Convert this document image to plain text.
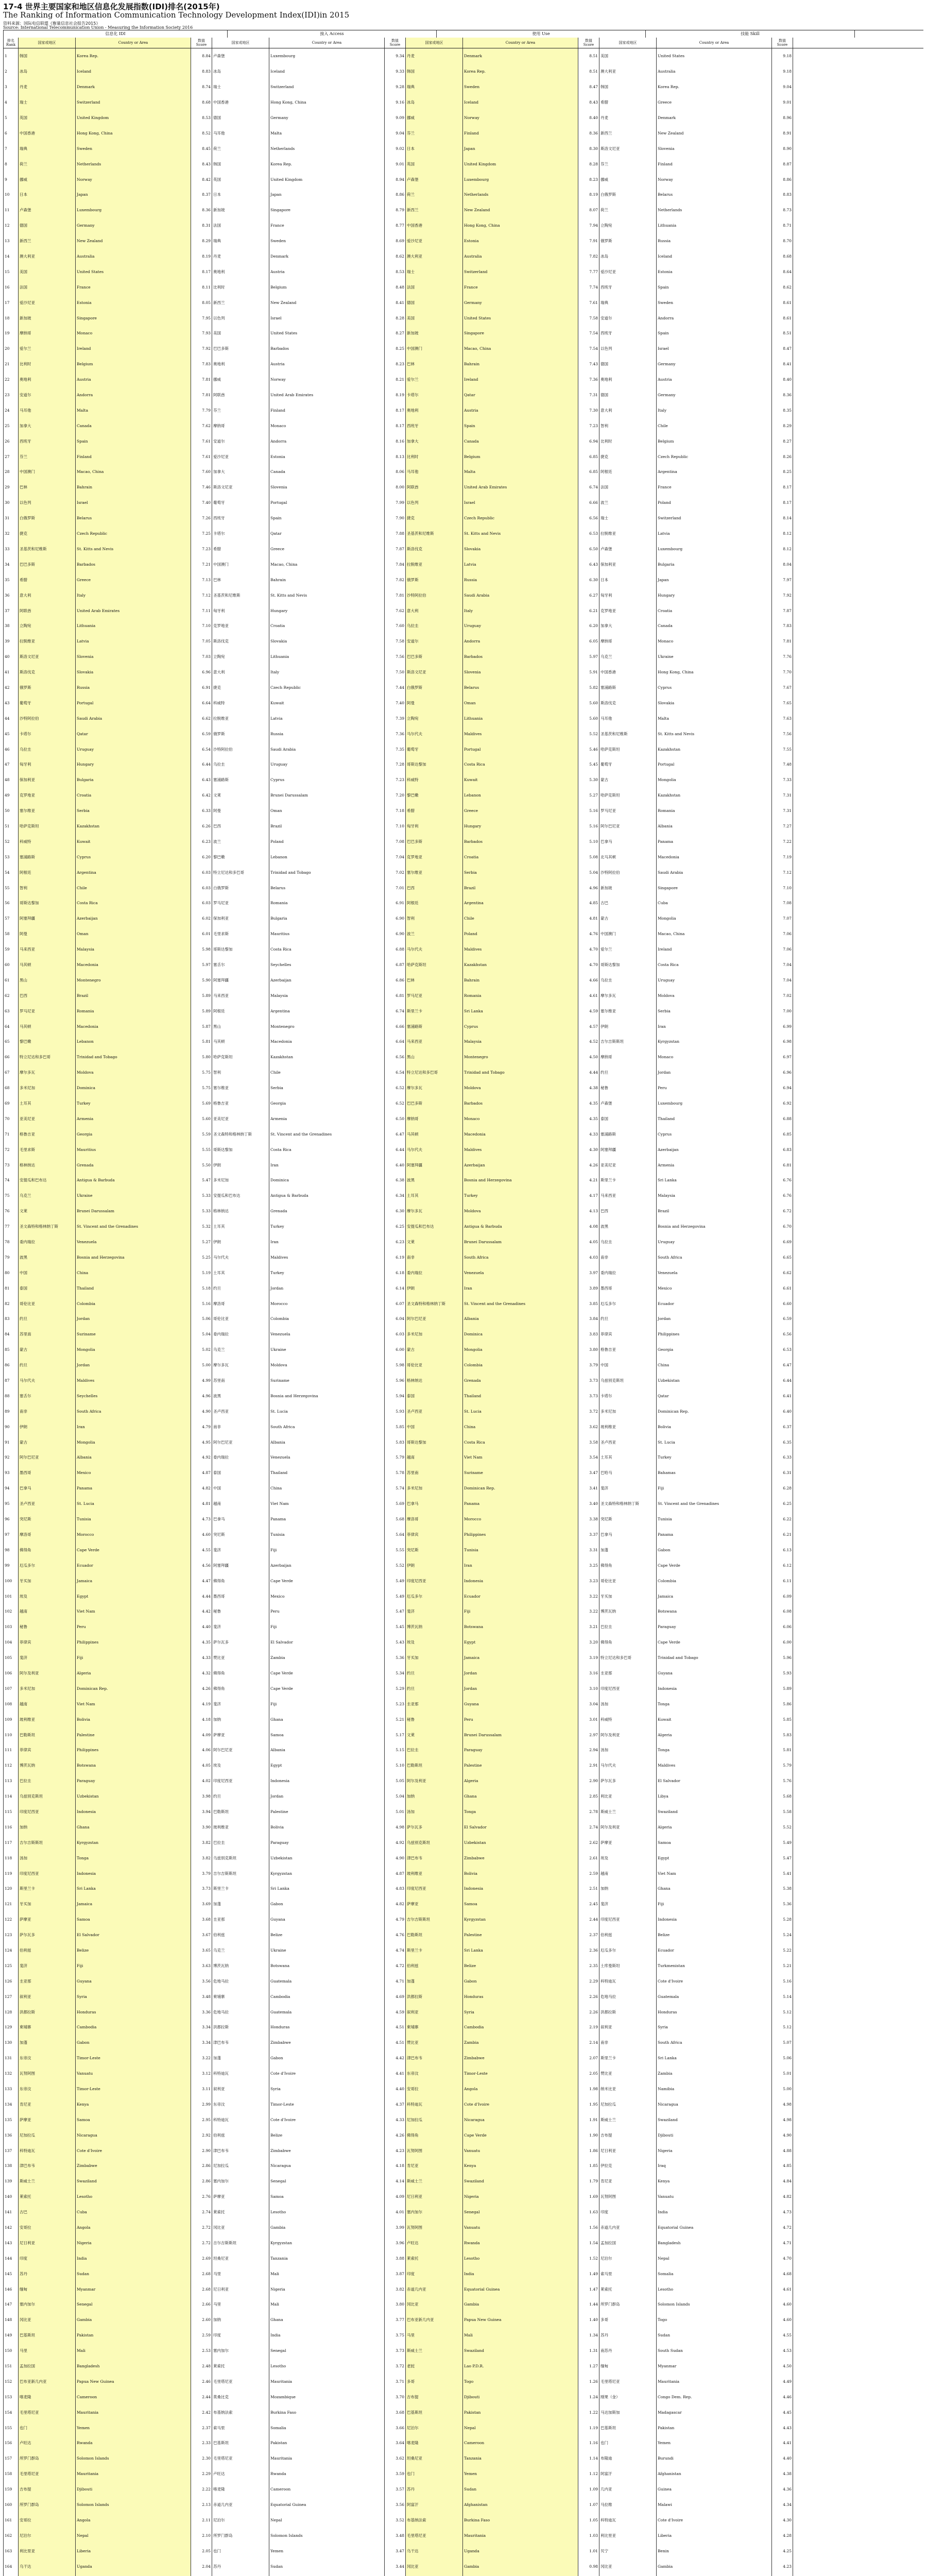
17-4 世界主要国家和地区信息化发展指数(IDI)排名(2015年)
The Ranking of Information Communication Technology Development Index(IDI)in 2015
资料来源：国际电信联盟《衡量信息社会报告2015》
Source: International Telecommunication Union - Measuring the Information Society 2016
信息化 IDI	接入 Access	使用 Use	技能 Skill
排名 Rank	国家或地区	Country or Area	数值 Score	国家或地区	Country or Area	数值 Score	国家或地区	Country or Area	数值 Score	国家或地区	Country or Area	数值 Score
1	韩国	Korea Rep.	8.84 卢森堡	Luxembourg	9.34 丹麦	Denmark	8.51 美国	United States	9.18
2	冰岛	Iceland	8.83 冰岛	Iceland	9.33 韩国	Korea Rep.	8.51 澳大利亚	Australia	9.18
3	丹麦	Denmark	8.74 瑞士	Switzerland	9.28 瑞典	Sweden	8.47 韩国	Korea Rep.	9.04
4	瑞士	Switzerland	8.68 中国香港	Hong Kong, China	9.16 冰岛	Iceland	8.43 希腊	Greece	9.01
5	英国	United Kingdom	8.53 德国	Germany	9.09 挪威	Norway	8.40 丹麦	Denmark	8.96
6	中国香港	Hong Kong, China	8.52 马耳他	Malta	9.04 芬兰	Finland	8.36 新西兰	New Zealand	8.91
7	瑞典	Sweden	8.45 荷兰	Netherlands	9.02 日本	Japan	8.30 斯洛文尼亚	Slovenia	8.90
8	荷兰	Netherlands	8.43 韩国	Korea Rep.	9.01 英国	United Kingdom	8.28 芬兰	Finland	8.87
9	挪威	Norway	8.42 英国	United Kingdom	8.94 卢森堡	Luxembourg	8.23 挪威	Norway	8.86
10	日本	Japan	8.37 日本	Japan	8.86 荷兰	Netherlands	8.19 白俄罗斯	Belarus	8.83
11	卢森堡	Luxembourg	8.36 新加坡	Singapore	8.79 新西兰	New Zealand	8.07 荷兰	Netherlands	8.73
12	德国	Germany	8.31 法国	France	8.77 中国香港	Hong Kong, China	7.94 立陶宛	Lithuania	8.71
13	新西兰	New Zealand	8.29 瑞典	Sweden	8.69 爱沙尼亚	Estonia	7.91 俄罗斯	Russia	8.70
14	澳大利亚	Australia	8.19 丹麦	Denmark	8.62 澳大利亚	Australia	7.82 冰岛	Iceland	8.68
15	美国	United States	8.17 奥地利	Austria	8.53 瑞士	Switzerland	7.77 爱沙尼亚	Estonia	8.64
16	法国	France	8.11 比利时	Belgium	8.48 法国	France	7.74 西班牙	Spain	8.62
17	爱沙尼亚	Estonia	8.05 新西兰	New Zealand	8.41 德国	Germany	7.61 瑞典	Sweden	8.61
18	新加坡	Singapore	7.95 以色列	Israel	8.28 美国	United States	7.58 安道尔	Andorra	8.61
19	摩纳哥	Monaco	7.93 美国	United States	8.27 新加坡	Singapore	7.54 西班牙	Spain	8.51
20	爱尔兰	Ireland	7.92 巴巴多斯	Barbados	8.25 中国澳门	Macao, China	7.54 以色列	Israel	8.47
21	比利时	Belgium	7.83 奥地利	Austria	8.23 巴林	Bahrain	7.43 德国	Germany	8.41
22	奥地利	Austria	7.81 挪威	Norway	8.21 爱尔兰	Ireland	7.36 奥地利	Austria	8.40
23	安道尔	Andorra	7.81 阿联酋	United Arab Emirates	8.19 卡塔尔	Qatar	7.31 德国	Germany	8.36
24	马耳他	Malta	7.79 芬兰	Finland	8.17 奥地利	Austria	7.30 意大利	Italy	8.35
25	加拿大	Canada	7.62 摩纳哥	Monaco	8.17 西班牙	Spain	7.23 智利	Chile	8.29
26	西班牙	Spain	7.61 安道尔	Andorra	8.16 加拿大	Canada	6.94 比利时	Belgium	8.27
27	芬兰	Finland	7.61 爱沙尼亚	Estonia	8.13 比利时	Belgium	6.85 捷克	Czech Republic	8.26
28	中国澳门	Macao, China	7.60 加拿大	Canada	8.06 马耳他	Malta	6.85 阿根廷	Argentina	8.25
29	巴林	Bahrain	7.46 斯洛文尼亚	Slovenia	8.00 阿联酋	United Arab Emirates	6.74 法国	France	8.17
30	以色列	Israel	7.40 葡萄牙	Portugal	7.99 以色列	Israel	6.66 波兰	Poland	8.17
31	白俄罗斯	Belarus	7.26 西班牙	Spain	7.90 捷克	Czech Republic	6.56 瑞士	Switzerland	8.14
32	捷克	Czech Republic	7.25 卡塔尔	Qatar	7.88 圣基茨和尼维斯	St. Kitts and Nevis	6.53 拉脱维亚	Latvia	8.12
33	圣基茨和尼维斯	St. Kitts and Nevis	7.23 希腊	Greece	7.87 斯洛伐克	Slovakia	6.50 卢森堡	Luxembourg	8.12
34	巴巴多斯	Barbados	7.21 中国澳门	Macao, China	7.84 拉脱维亚	Latvia	6.43 保加利亚	Bulgaria	8.04
35	希腊	Greece	7.13 巴林	Bahrain	7.82 俄罗斯	Russia	6.30 日本	Japan	7.97
36	意大利	Italy	7.12 圣基茨和尼维斯	St. Kitts and Nevis	7.81 沙特阿拉伯	Saudi Arabia	6.27 匈牙利	Hungary	7.92
37	阿联酋	United Arab Emirates	7.11 匈牙利	Hungary	7.62 意大利	Italy	6.21 克罗地亚	Croatia	7.87
38	立陶宛	Lithuania	7.10 克罗地亚	Croatia	7.60 乌拉圭	Uruguay	6.20 加拿大	Canada	7.83
39	拉脱维亚	Latvia	7.05 斯洛伐克	Slovakia	7.58 安道尔	Andorra	6.05 摩纳哥	Monaco	7.81
40	斯洛文尼亚	Slovenia	7.03 立陶宛	Lithuania	7.56 巴巴多斯	Barbados	5.97 乌克兰	Ukraine	7.76
41	斯洛伐克	Slovakia	6.96 意大利	Italy	7.50 斯洛文尼亚	Slovenia	5.91 中国香港	Hong Kong, China	7.70
42	俄罗斯	Russia	6.91 捷克	Czech Republic	7.44 白俄罗斯	Belarus	5.82 塞浦路斯	Cyprus	7.67
43	葡萄牙	Portugal	6.64 科威特	Kuwait	7.40 阿曼	Oman	5.60 斯洛伐克	Slovakia	7.65
44	沙特阿拉伯	Saudi Arabia	6.62 拉脱维亚	Latvia	7.39 立陶宛	Lithuania	5.60 马耳他	Malta	7.63
45	卡塔尔	Qatar	6.59 俄罗斯	Russia	7.36 马尔代夫	Maldives	5.52 圣基茨和尼维斯	St. Kitts and Nevis	7.56
46	乌拉圭	Uruguay	6.54 沙特阿拉伯	Saudi Arabia	7.35 葡萄牙	Portugal	5.46 哈萨克斯坦	Kazakhstan	7.55
47	匈牙利	Hungary	6.44 乌拉圭	Uruguay	7.28 哥斯达黎加	Costa Rica	5.45 葡萄牙	Portugal	7.48
48	保加利亚	Bulgaria	6.43 塞浦路斯	Cyprus	7.23 科威特	Kuwait	5.30 蒙古	Mongolia	7.33
49	克罗地亚	Croatia	6.42 文莱	Brunei Darussalam	7.20 黎巴嫩	Lebanon	5.27 哈萨克斯坦	Kazakhstan	7.31
50	塞尔维亚	Serbia	6.33 阿曼	Oman	7.18 希腊	Greece	5.16 罗马尼亚	Romania	7.31
51	哈萨克斯坦	Kazakhstan	6.26 巴西	Brazil	7.10 匈牙利	Hungary	5.16 阿尔巴尼亚	Albania	7.27
52	科威特	Kuwait	6.23 波兰	Poland	7.08 巴巴多斯	Barbados	5.10 巴拿马	Panama	7.22
53	塞浦路斯	Cyprus	6.20 黎巴嫩	Lebanon	7.04 克罗地亚	Croatia	5.08 北马其顿	Macedonia	7.19
54	阿根廷	Argentina	6.03 特立尼达和多巴哥	Trinidad and Tobago	7.02 塞尔维亚	Serbia	5.04 沙特阿拉伯	Saudi Arabia	7.12
55	智利	Chile	6.03 白俄罗斯	Belarus	7.01 巴西	Brazil	4.96 新加坡	Singapore	7.10
56	哥斯达黎加	Costa Rica	6.03 罗马尼亚	Romania	6.91 阿根廷	Argentina	4.85 古巴	Cuba	7.08
57	阿塞拜疆	Azerbaijan	6.02 保加利亚	Bulgaria	6.90 智利	Chile	4.81 蒙古	Mongolia	7.07
58	阿曼	Oman	6.01 毛里求斯	Mauritius	6.90 波兰	Poland	4.76 中国澳门	Macao, China	7.06
59	马来西亚	Malaysia	5.98 哥斯达黎加	Costa Rica	6.88 马尔代夫	Maldives	4.70 爱尔兰	Ireland	7.06
60	马其顿	Macedonia	5.97 塞舌尔	Seychelles	6.87 哈萨克斯坦	Kazakhstan	4.70 哥斯达黎加	Costa Rica	7.04
61	黑山	Montenegro	5.90 阿塞拜疆	Azerbaijan	6.86 巴林	Bahrain	4.66 乌拉圭	Uruguay	7.04
62	巴西	Brazil	5.89 马来西亚	Malaysia	6.81 罗马尼亚	Romania	4.61 摩尔多瓦	Moldova	7.02
63	罗马尼亚	Romania	5.89 阿根廷	Argentina	6.74 斯里兰卡	Sri Lanka	4.59 塞尔维亚	Serbia	7.00
64	马其顿	Macedonia	5.87 黑山	Montenegro	6.66 塞浦路斯	Cyprus	4.57 伊朗	Iran	6.99
65	黎巴嫩	Lebanon	5.81 马其顿	Macedonia	6.64 马来西亚	Malaysia	4.52 吉尔吉斯斯坦	Kyrgyzstan	6.98
66	特立尼达和多巴哥	Trinidad and Tobago	5.80 哈萨克斯坦	Kazakhstan	6.56 黑山	Montenegro	4.50 摩纳哥	Monaco	6.97
67	摩尔多瓦	Moldova	5.75 智利	Chile	6.54 特立尼达和多巴哥	Trinidad and Tobago	4.44 约旦	Jordan	6.96
68	多米尼加	Dominica	5.75 塞尔维亚	Serbia	6.52 摩尔多瓦	Moldova	4.38 秘鲁	Peru	6.94
69	土耳其	Turkey	5.69 格鲁吉亚	Georgia	6.52 巴巴多斯	Barbados	4.35 卢森堡	Luxembourg	6.92
70	亚美尼亚	Armenia	5.60 亚美尼亚	Armenia	6.50 摩纳哥	Monaco	4.35 泰国	Thailand	6.88
71	格鲁吉亚	Georgia	5.59 圣文森特和格林纳丁斯	St. Vincent and the Grenadines	6.47 马其顿	Macedonia	4.33 塞浦路斯	Cyprus	6.85
72	毛里求斯	Mauritius	5.55 哥斯达黎加	Costa Rica	6.44 马尔代夫	Maldives	4.30 阿塞拜疆	Azerbaijan	6.83
73	格林纳达	Grenada	5.50 伊朗	Iran	6.40 阿塞拜疆	Azerbaijan	4.26 亚美尼亚	Armenia	6.81
74	安提瓜和巴布达	Antigua & Barbuda	5.47 多米尼加	Dominica	6.38 波黑	Bosnia and Herzegovina	4.21 斯里兰卡	Sri Lanka	6.76
75	乌克兰	Ukraine	5.33 安提瓜和巴布达	Antigua & Barbuda	6.34 土耳其	Turkey	4.17 马来西亚	Malaysia	6.76
76	文莱	Brunei Darussalam	5.33 格林纳达	Grenada	6.30 摩尔多瓦	Moldova	4.13 巴西	Brazil	6.72
77	圣文森特和格林纳丁斯	St. Vincent and the Grenadines	5.32 土耳其	Turkey	6.25 安提瓜和巴布达	Antigua & Barbuda	4.08 波黑	Bosnia and Herzegovina	6.70
78	委内瑞拉	Venezuela	5.27 伊朗	Iran	6.23 文莱	Brunei Darussalam	4.05 乌拉圭	Uruguay	6.69
79	波黑	Bosnia and Herzegovina	5.25 马尔代夫	Maldives	6.19 南非	South Africa	4.03 南非	South Africa	6.65
80	中国	China	5.19 土耳其	Turkey	6.18 委内瑞拉	Venezuela	3.97 委内瑞拉	Venezuela	6.62
81	泰国	Thailand	5.18 约旦	Jordan	6.14 伊朗	Iran	3.89 墨西哥	Mexico	6.61
82	哥伦比亚	Colombia	5.16 摩洛哥	Morocco	6.07 圣文森特和格林纳丁斯	St. Vincent and the Grenadines	3.85 厄瓜多尔	Ecuador	6.60
83	约旦	Jordan	5.06 哥伦比亚	Colombia	6.04 阿尔巴尼亚	Albania	3.84 约旦	Jordan	6.59
84	苏里南	Suriname	5.04 委内瑞拉	Venezuela	6.03 多米尼加	Dominica	3.83 菲律宾	Philippines	6.56
85	蒙古	Mongolia	5.02 乌克兰	Ukraine	6.00 蒙古	Mongolia	3.80 格鲁吉亚	Georgia	6.53
86	约旦	Jordan	5.00 摩尔多瓦	Moldova	5.98 哥伦比亚	Colombia	3.79 中国	China	6.47
87	马尔代夫	Maldives	4.99 苏里南	Suriname	5.96 格林纳达	Grenada	3.73 乌兹别克斯坦	Uzbekistan	6.44
88	塞舌尔	Seychelles	4.96 波黑	Bosnia and Herzegovina	5.94 泰国	Thailand	3.73 卡塔尔	Qatar	6.41
89	南非	South Africa	4.90 圣卢西亚	St. Lucia	5.93 圣卢西亚	St. Lucia	3.72 多米尼加	Dominican Rep.	6.40
90	伊朗	Iran	4.79 南非	South Africa	5.85 中国	China	3.62 玻利维亚	Bolivia	6.37
91	蒙古	Mongolia	4.95 阿尔巴尼亚	Albania	5.83 哥斯达黎加	Costa Rica	3.58 圣卢西亚	St. Lucia	6.35
92	阿尔巴尼亚	Albania	4.92 委内瑞拉	Venezuela	5.79 越南	Viet Nam	3.54 土耳其	Turkey	6.33
93	墨西哥	Mexico	4.87 泰国	Thailand	5.78 苏里南	Suriname	3.47 巴哈马	Bahamas	6.31
94	巴拿马	Panama	4.82 中国	China	5.74 多米尼加	Dominican Rep.	3.41 斐济	Fiji	6.28
95	圣卢西亚	St. Lucia	4.81 越南	Viet Nam	5.69 巴拿马	Panama	3.40 圣文森特和格林纳丁斯	St. Vincent and the Grenadines	6.25
96	突尼斯	Tunisia	4.73 巴拿马	Panama	5.68 摩洛哥	Morocco	3.38 突尼斯	Tunisia	6.22
97	摩洛哥	Morocco	4.60 突尼斯	Tunisia	5.64 菲律宾	Philippines	3.37 巴拿马	Panama	6.21
98	佛得角	Cape Verde	4.55 斐济	Fiji	5.55 突尼斯	Tunisia	3.31 加蓬	Gabon	6.13
99	厄瓜多尔	Ecuador	4.56 阿塞拜疆	Azerbaijan	5.52 伊朗	Iran	3.25 佛得角	Cape Verde	6.12
100	牙买加	Jamaica	4.47 佛得角	Cape Verde	5.49 印度尼西亚	Indonesia	3.23 哥伦比亚	Colombia	6.11
101	埃及	Egypt	4.44 墨西哥	Mexico	5.49 厄瓜多尔	Ecuador	3.22 牙买加	Jamaica	6.09
102	越南	Viet Nam	4.42 秘鲁	Peru	5.47 斐济	Fiji	3.22 博茨瓦纳	Botswana	6.08
103	秘鲁	Peru	4.40 斐济	Fiji	5.45 博茨瓦纳	Botswana	3.21 巴拉圭	Paraguay	6.06
104	菲律宾	Philippines	4.35 萨尔瓦多	El Salvador	5.43 埃及	Egypt	3.20 佛得角	Cape Verde	6.00
105	斐济	Fiji	4.33 赞比亚	Zambia	5.36 牙买加	Jamaica	3.19 特立尼达和多巴哥	Trinidad and Tobago	5.96
106	阿尔及利亚	Algeria	4.32 佛得角	Cape Verde	5.34 约旦	Jordan	3.16 圭亚那	Guyana	5.93
107	多米尼加	Dominican Rep.	4.26 佛得角	Cape Verde	5.29 约旦	Jordan	3.10 印度尼西亚	Indonesia	5.89
108	越南	Viet Nam	4.19 斐济	Fiji	5.23 圭亚那	Guyana	3.04 汤加	Tonga	5.86
109	玻利维亚	Bolivia	4.18 加纳	Ghana	5.21 秘鲁	Peru	3.01 科威特	Kuwait	5.85
110	巴勒斯坦	Palestine	4.09 萨摩亚	Samoa	5.17 文莱	Brunei Darussalam	2.97 阿尔及利亚	Algeria	5.83
111	菲律宾	Philippines	4.06 阿尔巴尼亚	Albania	5.15 巴拉圭	Paraguay	2.94 汤加	Tonga	5.81
112	博茨瓦纳	Botswana	4.05 埃及	Egypt	5.10 巴勒斯坦	Palestine	2.91 马尔代夫	Maldives	5.79
113	巴拉圭	Paraguay	4.02 印度尼西亚	Indonesia	5.05 阿尔及利亚	Algeria	2.90 萨尔瓦多	El Salvador	5.76
114	乌兹别克斯坦	Uzbekistan	3.98 约旦	Jordan	5.04 加纳	Ghana	2.85 利比亚	Libya	5.68
115	印度尼西亚	Indonesia	3.94 巴勒斯坦	Palestine	5.01 汤加	Tonga	2.78 斯威士兰	Swaziland	5.58
116	加纳	Ghana	3.90 玻利维亚	Bolivia	4.98 萨尔瓦多	El Salvador	2.74 阿尔及利亚	Algeria	5.52
117	吉尔吉斯斯坦	Kyrgyzstan	3.82 巴拉圭	Paraguay	4.92 乌兹别克斯坦	Uzbekistan	2.62 萨摩亚	Samoa	5.49
118	汤加	Tonga	3.82 乌兹别克斯坦	Uzbekistan	4.90 津巴布韦	Zimbabwe	2.61 埃及	Egypt	5.47
119	印度尼西亚	Indonesia	3.79 吉尔吉斯斯坦	Kyrgyzstan	4.87 玻利维亚	Bolivia	2.59 越南	Viet Nam	5.41
120	斯里兰卡	Sri Lanka	3.73 斯里兰卡	Sri Lanka	4.83 印度尼西亚	Indonesia	2.51 加纳	Ghana	5.38
121	牙买加	Jamaica	3.69 加蓬	Gabon	4.82 萨摩亚	Samoa	2.45 斐济	Fiji	5.36
122	萨摩亚	Samoa	3.68 圭亚那	Guyana	4.79 吉尔吉斯斯坦	Kyrgyzstan	2.44 印度尼西亚	Indonesia	5.28
123	萨尔瓦多	El Salvador	3.67 伯利兹	Belize	4.76 巴勒斯坦	Palestine	2.37 伯利兹	Belize	5.24
124	伯利兹	Belize	3.65 乌克兰	Ukraine	4.74 斯里兰卡	Sri Lanka	2.36 厄瓜多尔	Ecuador	5.22
125	斐济	Fiji	3.63 博茨瓦纳	Botswana	4.72 伯利兹	Belize	2.35 土库曼斯坦	Turkmenistan	5.21
126	圭亚那	Guyana	3.56 危地马拉	Guatemala	4.71 加蓬	Gabon	2.29 科特迪瓦	Cote d'Ivoire	5.16
127	叙利亚	Syria	3.48 柬埔寨	Cambodia	4.69 洪都拉斯	Honduras	2.26 危地马拉	Guatemala	5.14
128	洪都拉斯	Honduras	3.36 危地马拉	Guatemala	4.59 叙利亚	Syria	2.26 洪都拉斯	Honduras	5.12
129	柬埔寨	Cambodia	3.34 洪都拉斯	Honduras	4.51 柬埔寨	Cambodia	2.19 叙利亚	Syria	5.12
130	加蓬	Gabon	3.34 津巴布韦	Zimbabwe	4.51 赞比亚	Zambia	2.14 南非	South Africa	5.07
131	东帝汶	Timor-Leste	3.22 加蓬	Gabon	4.42 津巴布韦	Zimbabwe	2.07 斯里兰卡	Sri Lanka	5.06
132	瓦努阿图	Vanuatu	3.12 科特迪瓦	Cote d'Ivoire	4.41 东帝汶	Timor-Leste	2.05 赞比亚	Zambia	5.01
133	东帝汶	Timor-Leste	3.11 叙利亚	Syria	4.40 安哥拉	Angola	1.98 纳米比亚	Namibia	5.00
134	肯尼亚	Kenya	2.99 东帝汶	Timor-Leste	4.37 科特迪瓦	Cote d'Ivoire	1.95 尼加拉瓜	Nicaragua	4.98
135	萨摩亚	Samoa	2.95 科特迪瓦	Cote d'Ivoire	4.33 尼加拉瓜	Nicaragua	1.91 斯威士兰	Swaziland	4.98
136	尼加拉瓜	Nicaragua	2.92 伯利兹	Belize	4.26 佛得角	Cape Verde	1.90 吉布提	Djibouti	4.90
137	科特迪瓦	Cote d'Ivoire	2.90 津巴布韦	Zimbabwe	4.23 瓦努阿图	Vanuatu	1.86 尼日利亚	Nigeria	4.88
138	津巴布韦	Zimbabwe	2.86 尼加拉瓜	Nicaragua	4.18 肯尼亚	Kenya	1.85 伊拉克	Iraq	4.85
139	斯威士兰	Swaziland	2.86 塞内加尔	Senegal	4.14 斯威士兰	Swaziland	1.79 肯尼亚	Kenya	4.84
140	莱索托	Lesotho	2.76 萨摩亚	Samoa	4.09 尼日利亚	Nigeria	1.69 瓦努阿图	Vanuatu	4.82
141	古巴	Cuba	2.74 莱索托	Lesotho	4.01 塞内加尔	Senegal	1.63 印度	India	4.73
142	安哥拉	Angola	2.72 冈比亚	Gambia	3.99 瓦努阿图	Vanuatu	1.56 赤道几内亚	Equatorial Guinea	4.72
143	尼日利亚	Nigeria	2.72 吉尔吉斯斯坦	Kyrgyzstan	3.96 卢旺达	Rwanda	1.54 孟加拉国	Bangladesh	4.71
144	印度	India	2.69 坦桑尼亚	Tanzania	3.88 莱索托	Lesotho	1.52 尼泊尔	Nepal	4.70
145	苏丹	Sudan	2.68 马里	Mali	3.87 印度	India	1.49 索马里	Somalia	4.68
146	缅甸	Myanmar	2.68 尼日利亚	Nigeria	3.82 赤道几内亚	Equatorial Guinea	1.47 莱索托	Lesotho	4.61
147	塞内加尔	Senegal	2.66 马里	Mali	3.80 冈比亚	Gambia	1.44 所罗门群岛	Solomon Islands	4.60
148	冈比亚	Gambia	2.60 加纳	Ghana	3.77 巴布亚新几内亚	Papua New Guinea	1.40 多哥	Togo	4.60
149	巴基斯坦	Pakistan	2.59 印度	India	3.75 马里	Mali	1.34 苏丹	Sudan	4.55
150	马里	Mali	2.53 塞内加尔	Senegal	3.73 斯威士兰	Swaziland	1.31 南苏丹	South Sudan	4.53
151	孟加拉国	Bangladesh	2.48 莱索托	Lesotho	3.72 老挝	Lao P.D.R.	1.27 缅甸	Myanmar	4.50
152	巴布亚新几内亚	Papua New Guinea	2.46 毛里塔尼亚	Mauritania	3.71 多哥	Togo	1.26 毛里塔尼亚	Mauritania	4.49
153	喀麦隆	Cameroon	2.44 莫桑比克	Mozambique	3.70 吉布提	Djibouti	1.24 刚果（金）	Congo Dem. Rep.	4.46
154	毛里塔尼亚	Mauritania	2.42 布基纳法索	Burkina Faso	3.68 巴基斯坦	Pakistan	1.22 马达加斯加	Madagascar	4.45
155	也门	Yemen	2.37 索马里	Somalia	3.66 尼泊尔	Nepal	1.19 巴基斯坦	Pakistan	4.43
156	卢旺达	Rwanda	2.33 巴基斯坦	Pakistan	3.64 喀麦隆	Cameroon	1.16 也门	Yemen	4.41
157	所罗门群岛	Solomon Islands	2.30 毛里塔尼亚	Mauritania	3.62 坦桑尼亚	Tanzania	1.14 布隆迪	Burundi	4.40
158	毛里塔尼亚	Mauritania	2.29 卢旺达	Rwanda	3.59 也门	Yemen	1.12 阿富汗	Afghanistan	4.38
159	吉布提	Djibouti	2.22 喀麦隆	Cameroon	3.57 苏丹	Sudan	1.09 几内亚	Guinea	4.36
160	所罗门群岛	Solomon Islands	2.13 赤道几内亚	Equatorial Guinea	3.56 阿富汗	Afghanistan	1.07 马拉维	Malawi	4.34
161	安哥拉	Angola	2.11 尼泊尔	Nepal	3.52 布基纳法索	Burkina Faso	1.05 科特迪瓦	Cote d'Ivoire	4.30
162	尼泊尔	Nepal	2.10 所罗门群岛	Solomon Islands	3.48 毛里塔尼亚	Mauritania	1.03 利比里亚	Liberia	4.28
163	利比里亚	Liberia	2.05 也门	Yemen	3.47 乌干达	Uganda	1.01 贝宁	Benin	4.25
164	乌干达	Uganda	2.04 苏丹	Sudan	3.44 冈比亚	Gambia	0.98 冈比亚	Gambia	4.23
